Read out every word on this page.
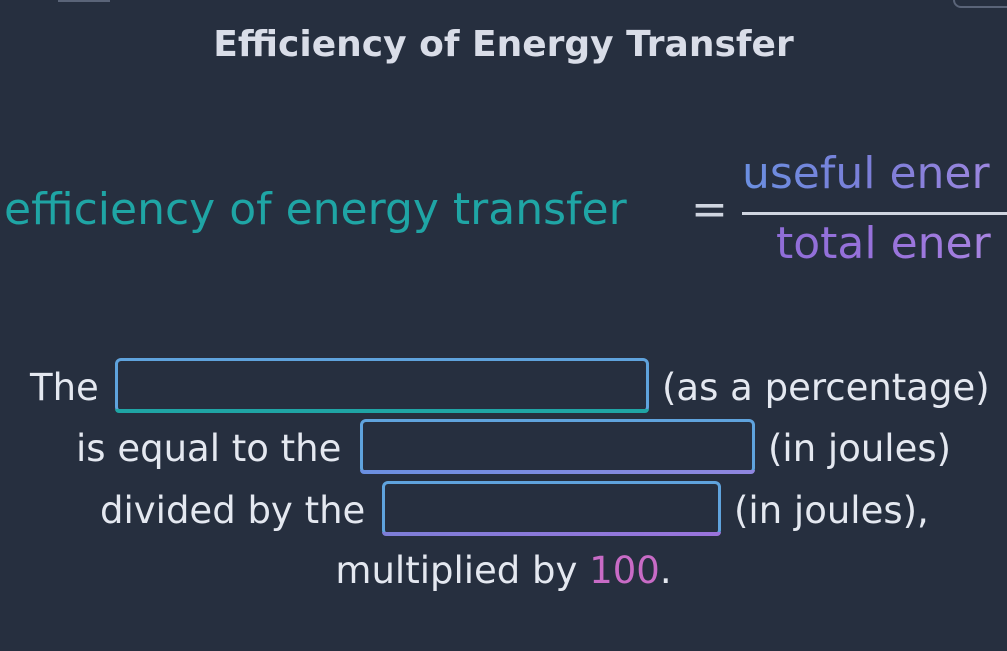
Efficiency of Energy Transfer
efficiency of energy transfer =
useful ener
total ener
The	(as a percentage)
is equal to the	(in joules)
divided by the	(in joules),
multiplied by 100.
